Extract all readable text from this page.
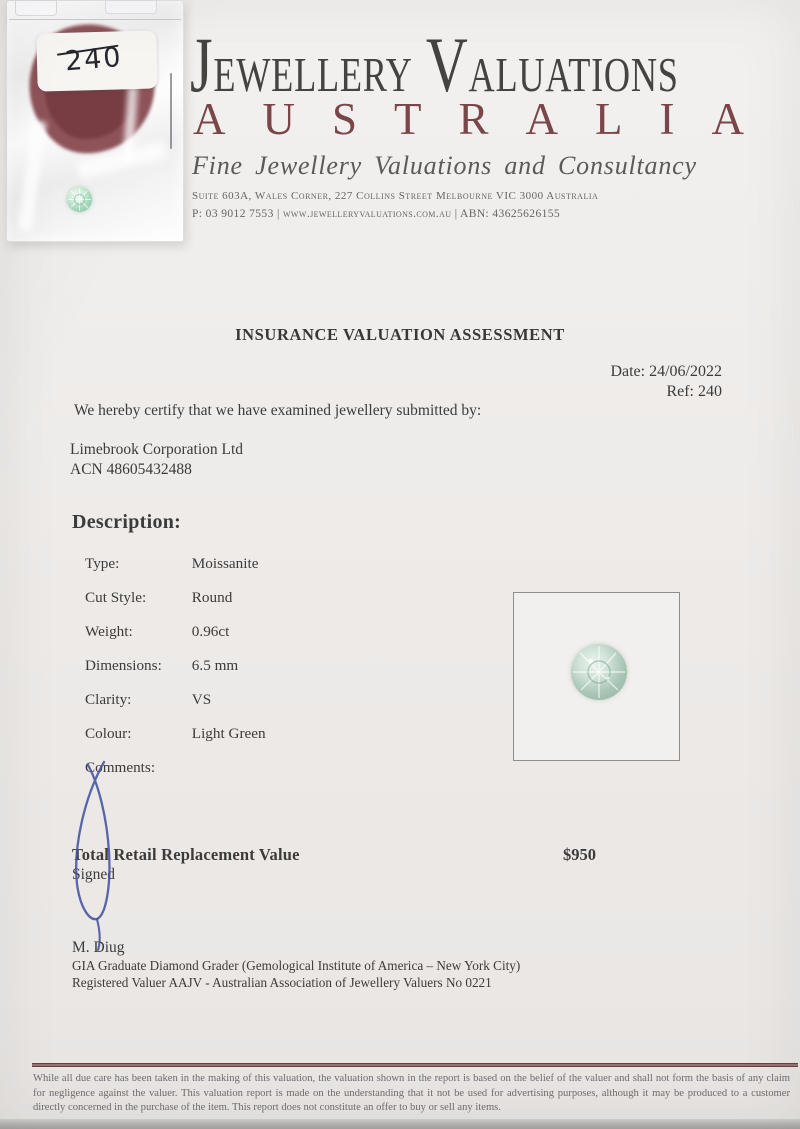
240 Jewellery Valuations
AUSTRALIA
Fine Jewellery Valuations and Consultancy
Suite 603A, Wales Corner, 227 Collins Street Melbourne VIC 3000 Australia
P: 03 9012 7553 | www.jewelleryvaluations.com.au | ABN: 43625626155
INSURANCE VALUATION ASSESSMENT
Date: 24/06/2022
Ref: 240
We hereby certify that we have examined jewellery submitted by:
Limebrook Corporation Ltd
ACN 48605432488
Description:
Type:	Moissanite
Cut Style:	Round
Weight:	0.96ct
Dimensions: 6.5 mm
Clarity:	VS
Colour:	Light Green
Comments:
Total Retail Replacement Value	$950
Signed
M. Diug
GIA Graduate Diamond Grader (Gemological Institute of America – New York City)
Registered Valuer AAJV - Australian Association of Jewellery Valuers No 0221
While all due care has been taken in the making of this valuation, the valuation shown in the report is based on the belief of the valuer and shall not form the basis of any claim for negligence against the valuer. This valuation report is made on the understanding that it not be used for advertising purposes, although it may be produced to a customer directly concerned in the purchase of the item. This report does not constitute an offer to buy or sell any items.
